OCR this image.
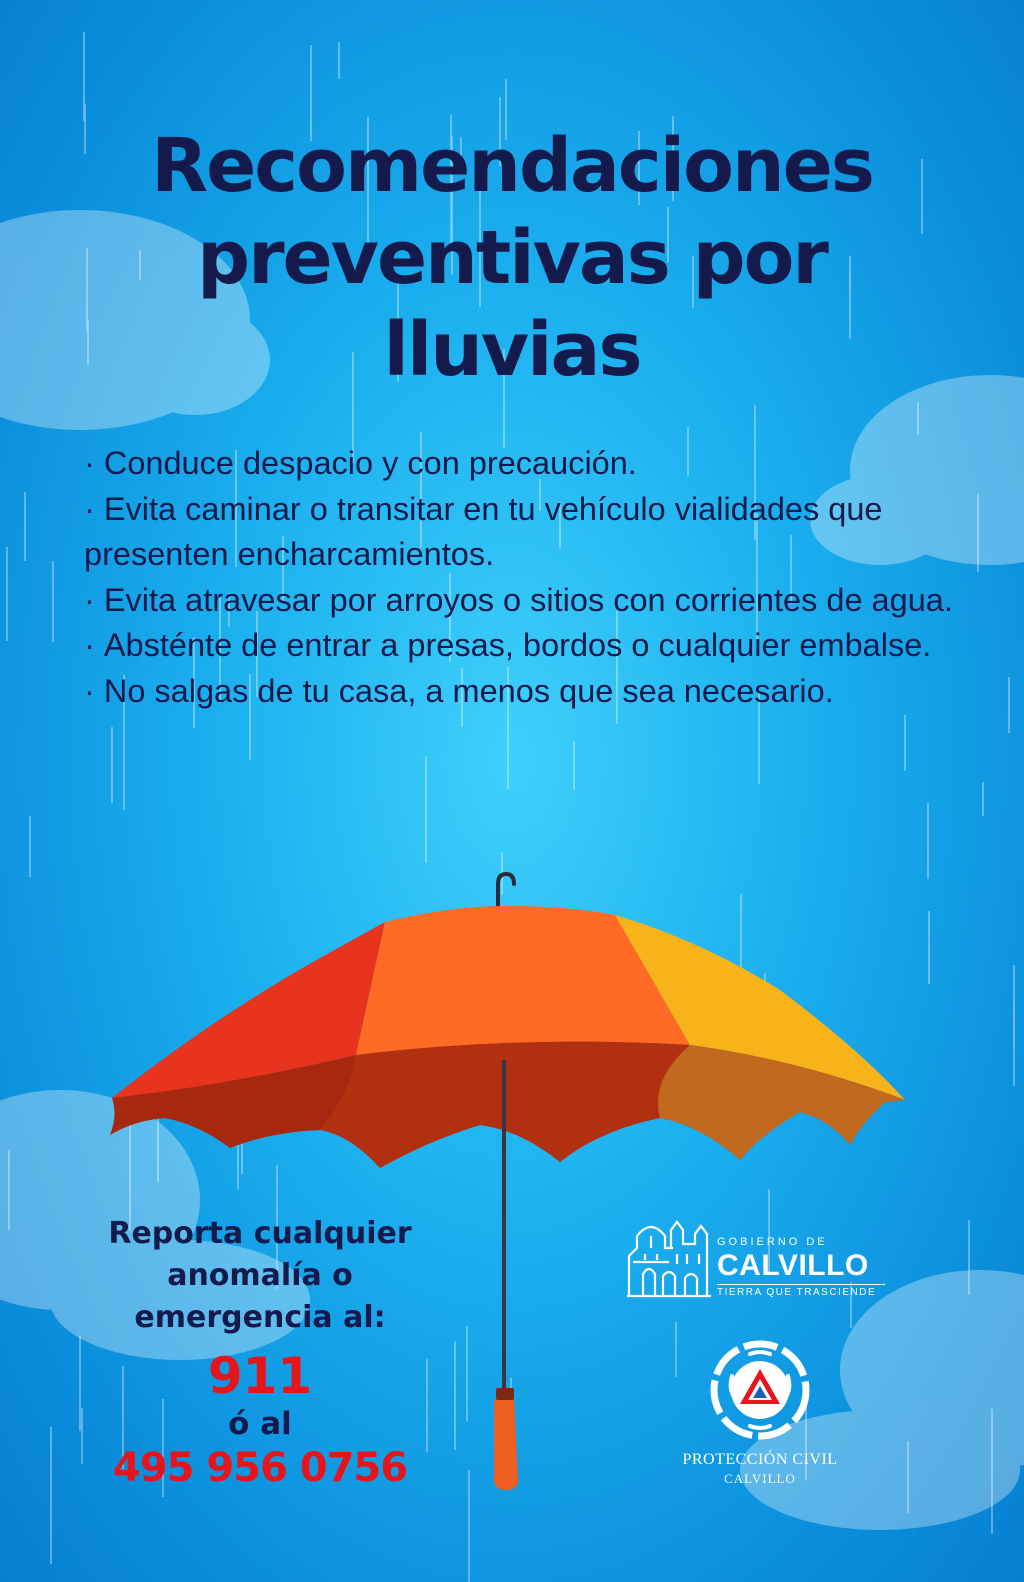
Recomendaciones
preventivas por
lluvias
· Conduce despacio y con precaución.
· Evita caminar o transitar en tu vehículo vialidades que presenten encharcamientos.
· Evita atravesar por arroyos o sitios con corrientes de agua.
· Absténte de entrar a presas, bordos o cualquier embalse.
· No salgas de tu casa, a menos que sea necesario.
Reporta cualquier
anomalía o
emergencia al:
911
ó al
495 956 0756
GOBIERNO DE
CALVILLO
TIERRA QUE TRASCIENDE
PROTECCIÓN CIVIL
CALVILLO
